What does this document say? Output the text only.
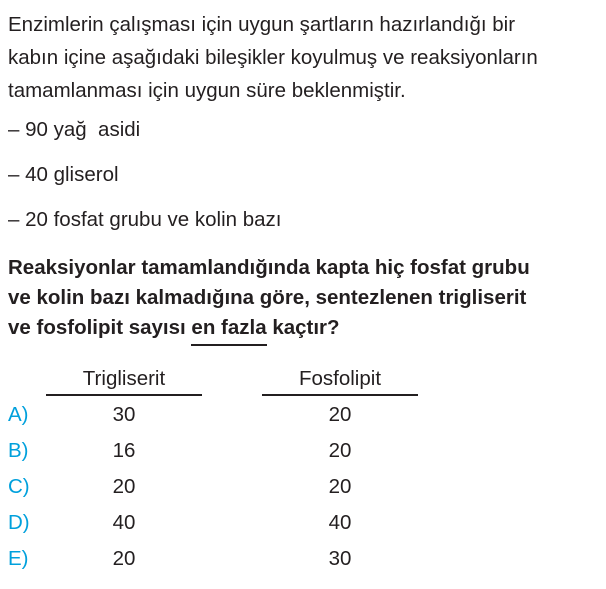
Enzimlerin çalışması için uygun şartların hazırlandığı bir
kabın içine aşağıdaki bileşikler koyulmuş ve reaksiyonların
tamamlanması için uygun süre beklenmiştir.
– 90 yağ  asidi
– 40 gliserol
– 20 fosfat grubu ve kolin bazı
Reaksiyonlar tamamlandığında kapta hiç fosfat grubu
ve kolin bazı kalmadığına göre, sentezlenen trigliserit
ve fosfolipit sayısı en fazla
kaçtır?
Trigliserit	Fosfolipit
A)	30	20
B)	16	20
C)	20	20
D)	40	40
E)	20	30
